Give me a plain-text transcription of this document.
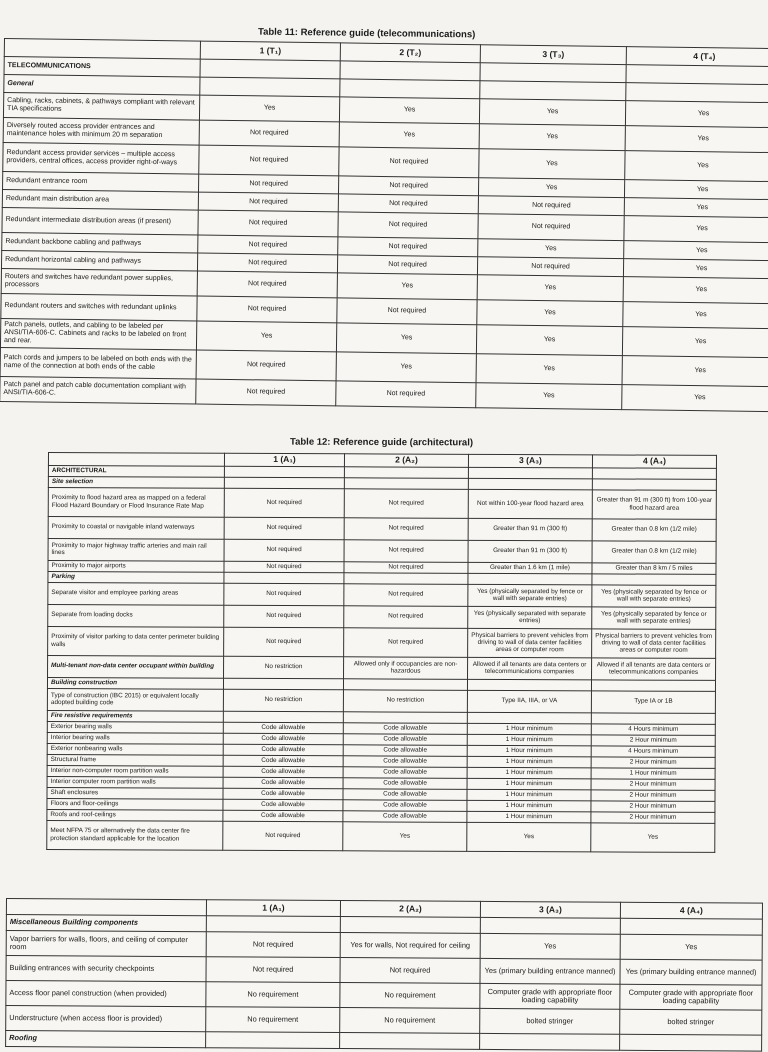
Table 11: Reference guide (telecommunications)
	1 (T₁)	2 (T₂)	3 (T₃)	4 (T₄)
TELECOMMUNICATIONS				
General				
Cabling, racks, cabinets, & pathways compliant with relevant TIA specifications	Yes	Yes	Yes	Yes
Diversely routed access provider entrances and maintenance holes with minimum 20 m separation	Not required	Yes	Yes	Yes
Redundant access provider services – multiple access providers, central offices, access provider right-of-ways	Not required	Not required	Yes	Yes
Redundant entrance room	Not required	Not required	Yes	Yes
Redundant main distribution area	Not required	Not required	Not required	Yes
Redundant intermediate distribution areas (if present)	Not required	Not required	Not required	Yes
Redundant backbone cabling and pathways	Not required	Not required	Yes	Yes
Redundant horizontal cabling and pathways	Not required	Not required	Not required	Yes
Routers and switches have redundant power supplies, processors	Not required	Yes	Yes	Yes
Redundant routers and switches with redundant uplinks	Not required	Not required	Yes	Yes
Patch panels, outlets, and cabling to be labeled per ANSI/TIA-606-C. Cabinets and racks to be labeled on front and rear.	Yes	Yes	Yes	Yes
Patch cords and jumpers to be labeled on both ends with the name of the connection at both ends of the cable	Not required	Yes	Yes	Yes
Patch panel and patch cable documentation compliant with ANSI/TIA-606-C.	Not required	Not required	Yes	Yes
Table 12: Reference guide (architectural)
	1 (A₁)	2 (A₂)	3 (A₃)	4 (A₄)
ARCHITECTURAL				
Site selection				
Proximity to flood hazard area as mapped on a federal Flood Hazard Boundary or Flood Insurance Rate Map	Not required	Not required	Not within 100-year flood hazard area	Greater than 91 m (300 ft) from 100-year flood hazard area
Proximity to coastal or navigable inland waterways	Not required	Not required	Greater than 91 m (300 ft)	Greater than 0.8 km (1/2 mile)
Proximity to major highway traffic arteries and main rail lines	Not required	Not required	Greater than 91 m (300 ft)	Greater than 0.8 km (1/2 mile)
Proximity to major airports	Not required	Not required	Greater than 1.6 km (1 mile)	Greater than 8 km / 5 miles
Parking				
Separate visitor and employee parking areas	Not required	Not required	Yes (physically separated by fence or wall with separate entries)	Yes (physically separated by fence or wall with separate entries)
Separate from loading docks	Not required	Not required	Yes (physically separated with separate entries)	Yes (physically separated by fence or wall with separate entries)
Proximity of visitor parking to data center perimeter building walls	Not required	Not required	Physical barriers to prevent vehicles from driving to wall of data center facilities areas or computer room	Physical barriers to prevent vehicles from driving to wall of data center facilities areas or computer room
Multi-tenant non-data center occupant within building	No restriction	Allowed only if occupancies are non-hazardous	Allowed if all tenants are data centers or telecommunications companies	Allowed if all tenants are data centers or telecommunications companies
Building construction				
Type of construction (IBC 2015) or equivalent locally adopted building code	No restriction	No restriction	Type IIA, IIIA, or VA	Type IA or 1B
Fire resistive requirements				
Exterior bearing walls	Code allowable	Code allowable	1 Hour minimum	4 Hours minimum
Interior bearing walls	Code allowable	Code allowable	1 Hour minimum	2 Hour minimum
Exterior nonbearing walls	Code allowable	Code allowable	1 Hour minimum	4 Hours minimum
Structural frame	Code allowable	Code allowable	1 Hour minimum	2 Hour minimum
Interior non-computer room partition walls	Code allowable	Code allowable	1 Hour minimum	1 Hour minimum
Interior computer room partition walls	Code allowable	Code allowable	1 Hour minimum	2 Hour minimum
Shaft enclosures	Code allowable	Code allowable	1 Hour minimum	2 Hour minimum
Floors and floor-ceilings	Code allowable	Code allowable	1 Hour minimum	2 Hour minimum
Roofs and roof-ceilings	Code allowable	Code allowable	1 Hour minimum	2 Hour minimum
Meet NFPA 75 or alternatively the data center fire protection standard applicable for the location	Not required	Yes	Yes	Yes
	1 (A₁)	2 (A₂)	3 (A₃)	4 (A₄)
Miscellaneous Building components				
Vapor barriers for walls, floors, and ceiling of computer room	Not required	Yes for walls, Not required for ceiling	Yes	Yes
Building entrances with security checkpoints	Not required	Not required	Yes (primary building entrance manned)	Yes (primary building entrance manned)
Access floor panel construction (when provided)	No requirement	No requirement	Computer grade with appropriate floor loading capability	Computer grade with appropriate floor loading capability
Understructure (when access floor is provided)	No requirement	No requirement	bolted stringer	bolted stringer
Roofing				
